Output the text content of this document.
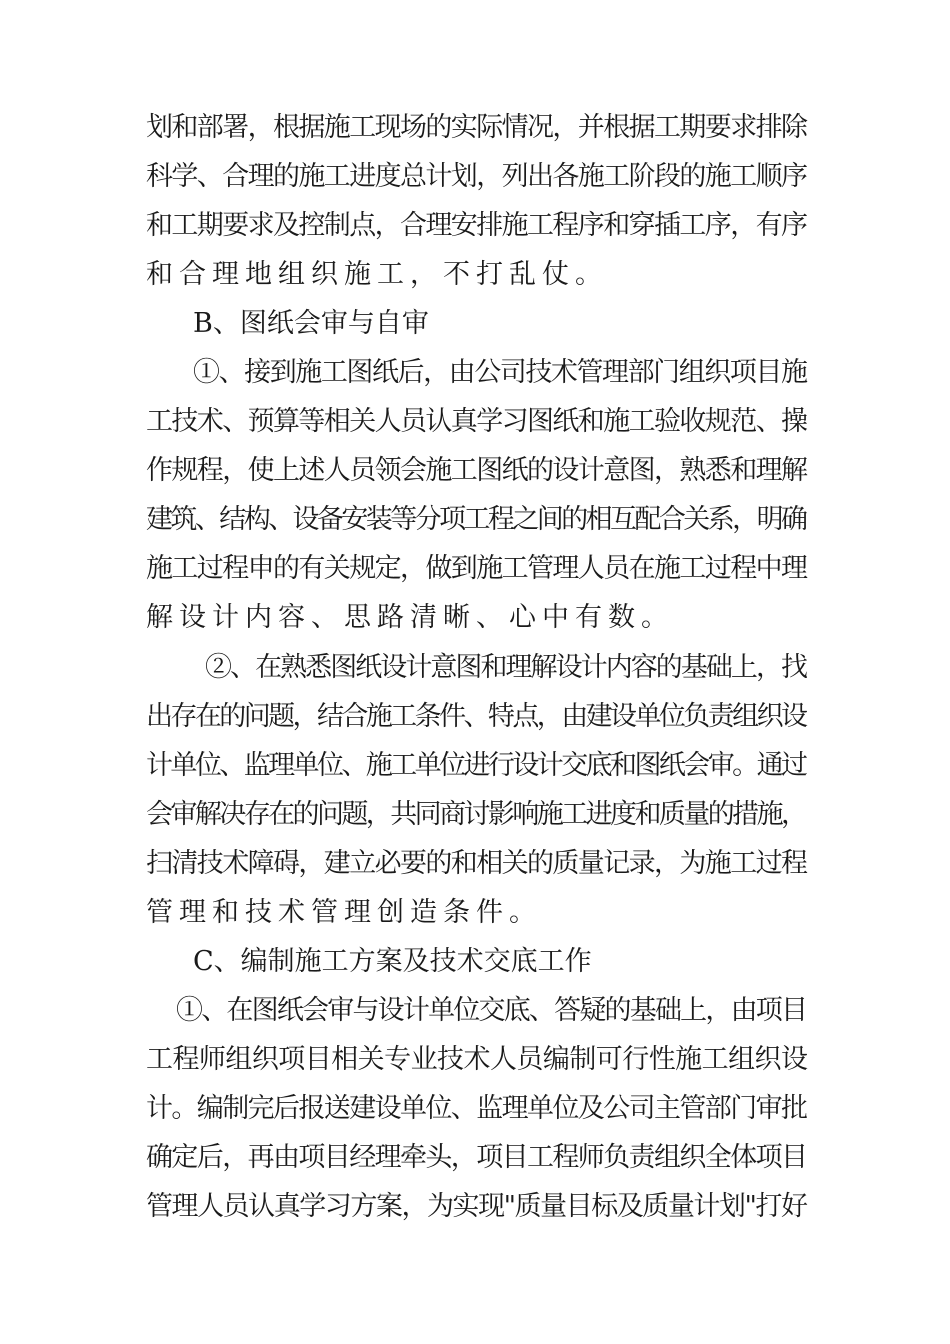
划和部署，根据施工现场的实际情况，并根据工期要求排除
科学、合理的施工进度总计划，列出各施工阶段的施工顺序
和工期要求及控制点，合理安排施工程序和穿插工序，有序
和合理地组织施工，不打乱仗。
B、图纸会审与自审
①、接到施工图纸后，由公司技术管理部门组织项目施
工技术、预算等相关人员认真学习图纸和施工验收规范、操
作规程，使上述人员领会施工图纸的设计意图，熟悉和理解
建筑、结构、设备安装等分项工程之间的相互配合关系，明确
施工过程申的有关规定，做到施工管理人员在施工过程中理
解设计内容、思路清晰、心中有数。
②、在熟悉图纸设计意图和理解设计内容的基础上，找
出存在的问题，结合施工条件、特点，由建设单位负责组织设
计单位、监理单位、施工单位进行设计交底和图纸会审。通过
会审解决存在的问题，共同商讨影响施工进度和质量的措施，
扫清技术障碍，建立必要的和相关的质量记录，为施工过程
管理和技术管理创造条件。
C、编制施工方案及技术交底工作
①、在图纸会审与设计单位交底、答疑的基础上，由项目
工程师组织项目相关专业技术人员编制可行性施工组织设
计。编制完后报送建设单位、监理单位及公司主管部门审批
确定后，再由项目经理牵头，项目工程师负责组织全体项目
管理人员认真学习方案，为实现"质量目标及质量计划"打好
